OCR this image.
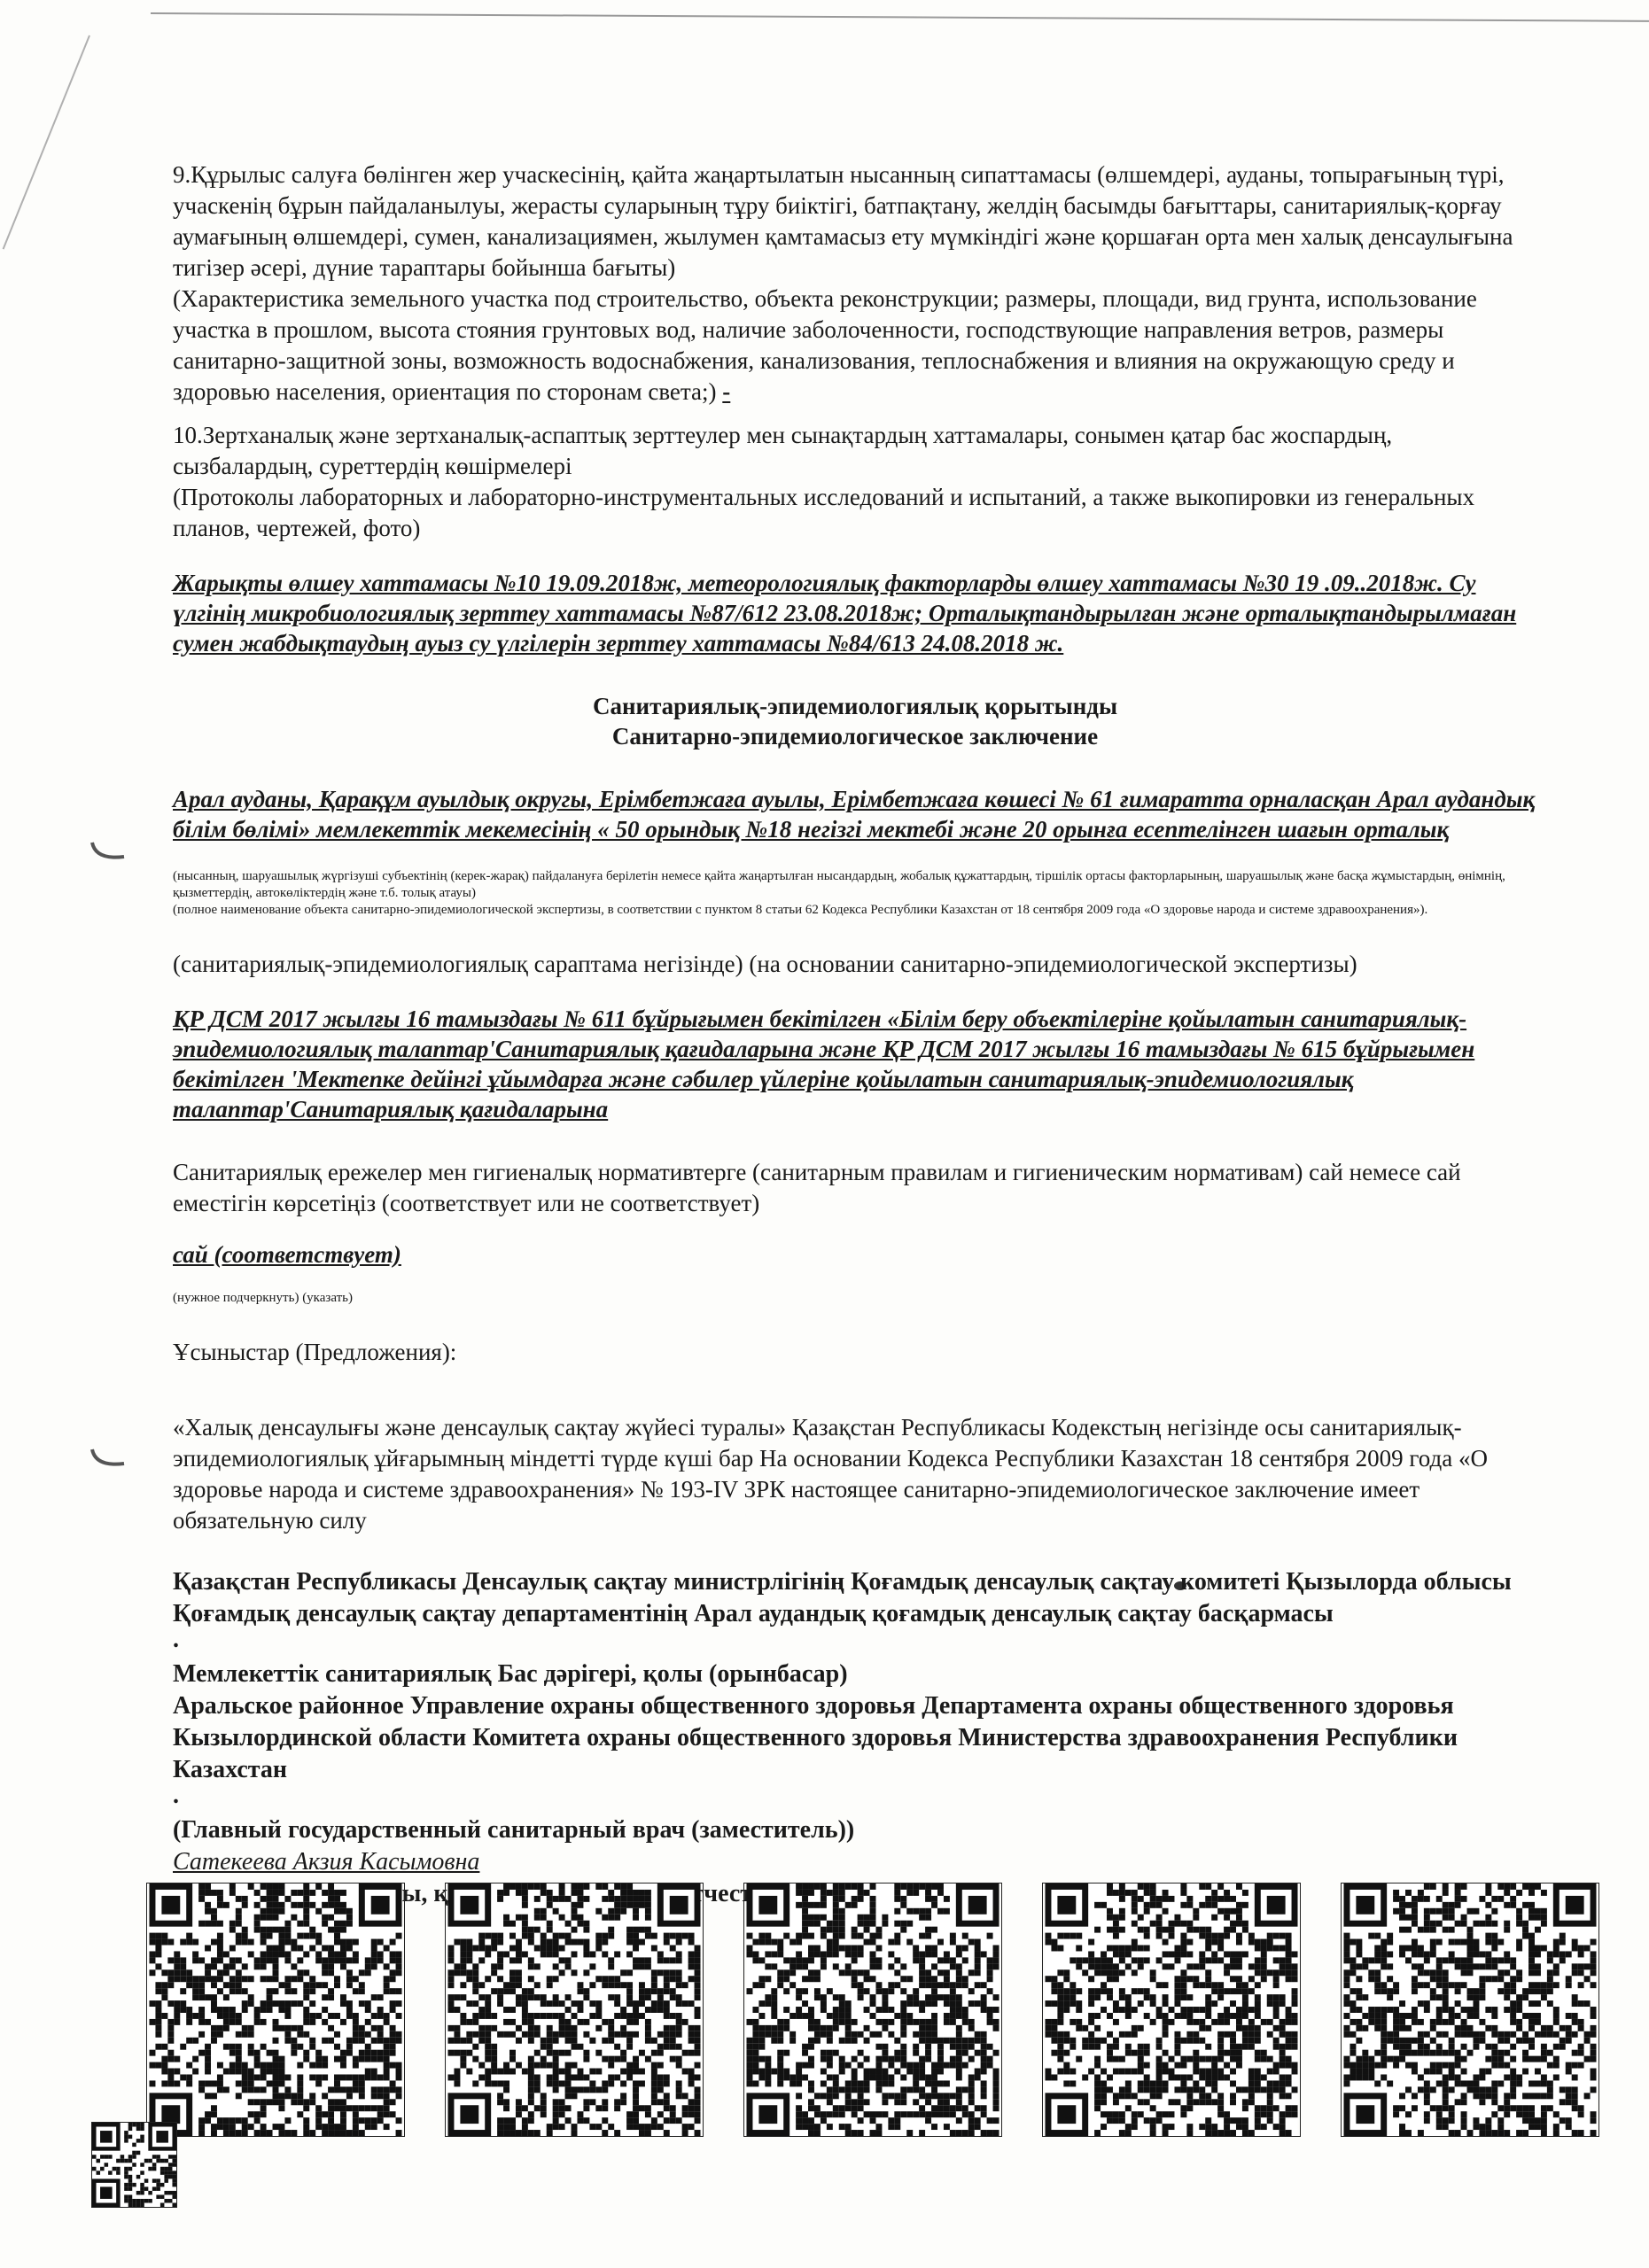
9.Құрылыс салуға бөлінген жер учаскесінің, қайта жаңартылатын нысанның сипаттамасы (өлшемдері, ауданы, топырағының түрі, учаскенің бұрын пайдаланылуы, жерасты суларының тұру биіктігі, батпақтану, желдің басымды бағыттары, санитариялық-қорғау аумағының өлшемдері, сумен, канализациямен, жылумен қамтамасыз ету мүмкіндігі және қоршаған орта мен халық денсаулығына тигізер әсері, дүние тараптары бойынша бағыты)

(Характеристика земельного участка под строительство, объекта реконструкции; размеры, площади, вид грунта, использование участка в прошлом, высота стояния грунтовых вод, наличие заболоченности, господствующие направления ветров, размеры санитарно-защитной зоны, возможность водоснабжения, канализования, теплоснабжения и влияния на окружающую среду и здоровью населения, ориентация по сторонам света;) -

10.Зертханалық және зертханалық-аспаптық зерттеулер мен сынақтардың хаттамалары, сонымен қатар бас жоспардың, сызбалардың, суреттердің көшірмелері

(Протоколы лабораторных и лабораторно-инструментальных исследований и испытаний, а также выкопировки из генеральных планов, чертежей, фото)

Жарықты өлшеу хаттамасы №10 19.09.2018ж, метеорологиялық факторларды өлшеу хаттамасы №30 19 .09..2018ж. Су үлгінің микробиологиялық зерттеу хаттамасы №87/612 23.08.2018ж; Орталықтандырылған және орталықтандырылмаған сумен жабдықтаудың ауыз су үлгілерін зерттеу хаттамасы №84/613 24.08.2018 ж.

Санитариялық-эпидемиологиялық қорытынды

Санитарно-эпидемиологическое заключение

Арал ауданы, Қарақұм ауылдық округы, Ерімбетжаға ауылы, Ерімбетжаға көшесі № 61 ғимаратта орналасқан Арал аудандық білім бөлімі» мемлекеттік мекемесінің « 50 орындық №18 негізгі мектебі және 20 орынға есептелінген шағын орталық

(нысанның, шаруашылық жүргізуші субъектінің (керек-жарақ) пайдалануға берілетін немесе қайта жаңартылған нысандардың, жобалық құжаттардың, тіршілік ортасы факторларының, шаруашылық және басқа жұмыстардың, өнімнің, қызметтердің, автокөліктердің және т.б. толық атауы)

(полное наименование объекта санитарно-эпидемиологической экспертизы, в соответствии с пунктом 8 статьи 62 Кодекса Республики Казахстан от 18 сентября 2009 года «О здоровье народа и системе здравоохранения»).

(санитариялық-эпидемиологиялық сараптама негізінде) (на основании санитарно-эпидемиологической экспертизы)

ҚР ДСМ 2017 жылғы 16 тамыздағы № 611 бұйрығымен бекітілген «Білім беру объектілеріне қойылатын санитариялық-эпидемиологиялық талаптар'Санитариялық қағидаларына және ҚР ДСМ 2017 жылғы 16 тамыздағы № 615 бұйрығымен бекітілген 'Мектепке дейінгі ұйымдарға және сәбилер үйлеріне қойылатын санитариялық-эпидемиологиялық талаптар'Санитариялық қағидаларына

Санитариялық ережелер мен гигиеналық нормативтерге (санитарным правилам и гигиеническим нормативам) сай немесе сай еместігін көрсетіңіз (соответствует или не соответствует)

сай (соответствует)

(нужное подчеркнуть) (указать)

Ұсыныстар (Предложения):

«Халық денсаулығы және денсаулық сақтау жүйесі туралы» Қазақстан Республикасы Кодекстың негізінде осы санитариялық-эпидемиологиялық ұйғарымның міндетті түрде күші бар На основании Кодекса Республики Казахстан 18 сентября 2009 года «О здоровье народа и системе здравоохранения» № 193-IV ЗРК настоящее санитарно-эпидемиологическое заключение имеет обязательную силу

Қазақстан Республикасы Денсаулық сақтау министрлігінің Қоғамдық денсаулық сақтау комитеті Қызылорда облысы Қоғамдық денсаулық сақтау департаментінің Арал аудандық қоғамдық денсаулық сақтау басқармасы

.

Мемлекеттік санитариялық Бас дәрігері, қолы (орынбасар)

Аральское районное Управление охраны общественного здоровья Департамента охраны общественного здоровья Кызылординской области Комитета охраны общественного здоровья Министерства здравоохранения Республики Казахстан

.

(Главный государственный санитарный врач (заместитель))

Сатекеева Акзия Касымовна

аты, отчество,
